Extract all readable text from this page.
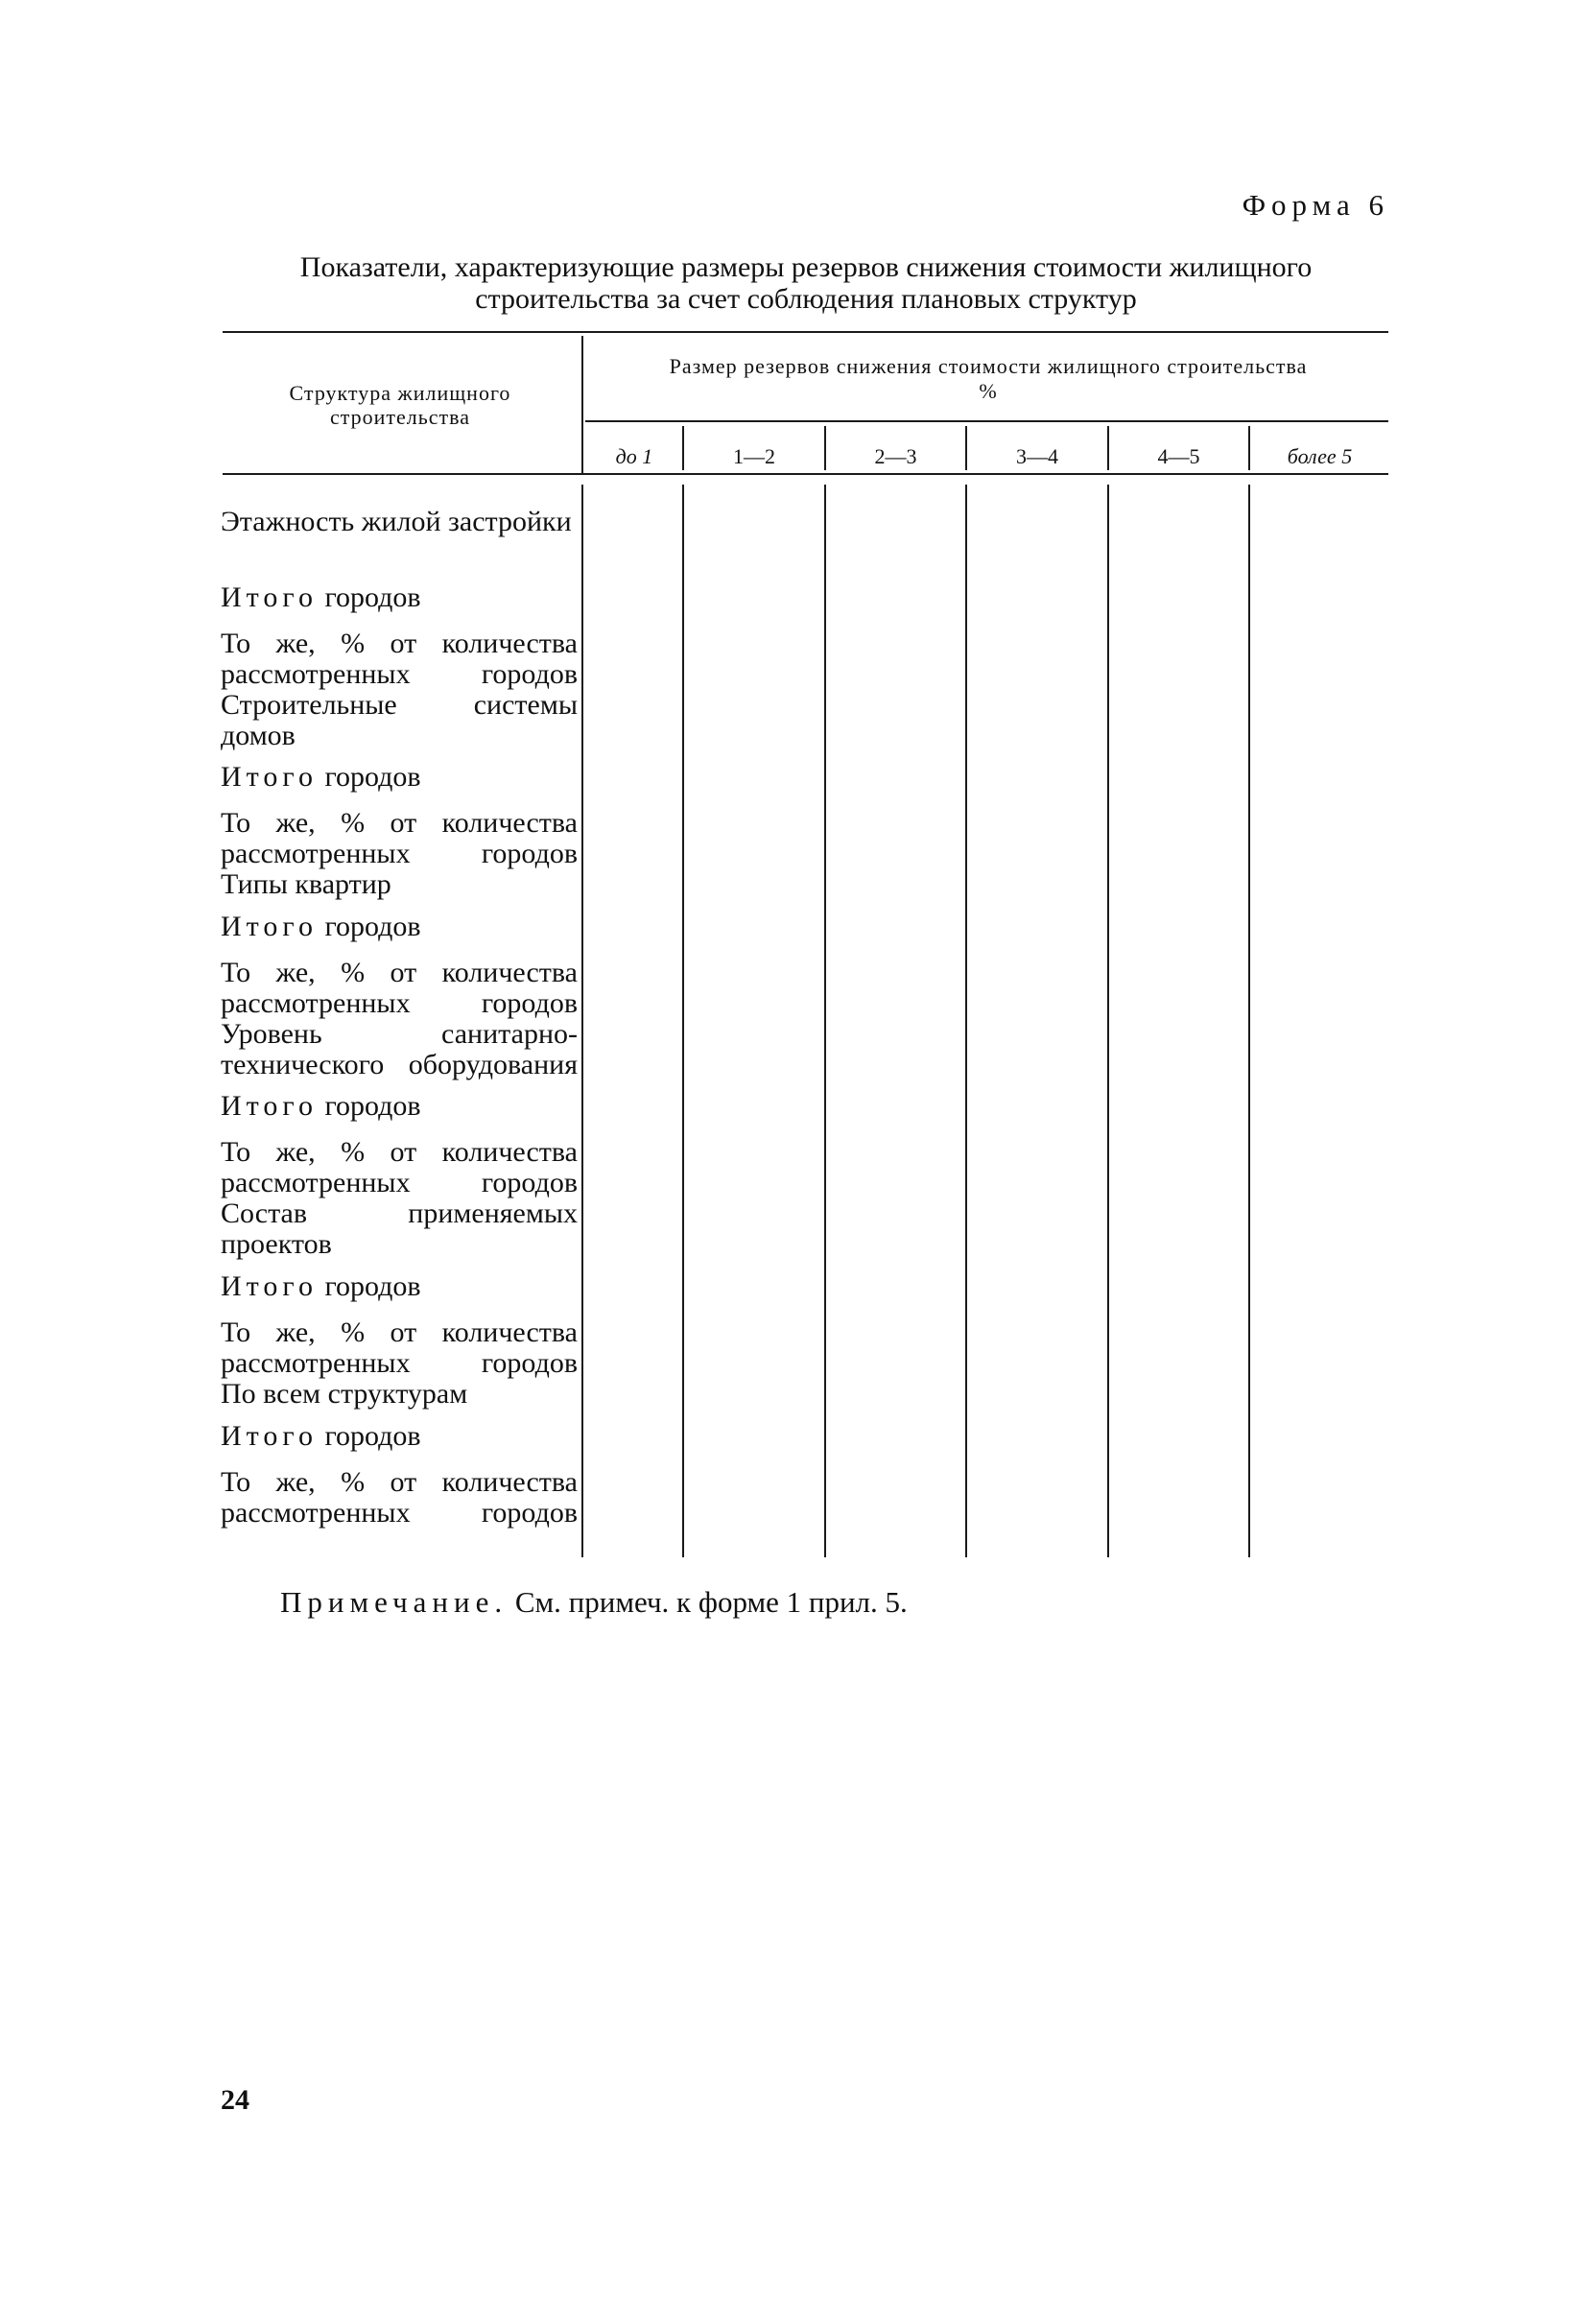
Форма 6
Показатели, характеризующие размеры резервов снижения стоимости жилищного
строительства за счет соблюдения плановых структур
Структура жилищного строительства
Размер резервов снижения стоимости жилищного строительства
%
до 1	1—2	2—3	3—4	4—5	более 5
Этажность жилой застройки
Итого городов
То же, % от количества рассмотренных городов
Строительные системы домов
Итого городов
То же, % от количества рассмотренных городов
Типы квартир
Итого городов
То же, % от количества рассмотренных городов
Уровень санитарно-технического оборудования
Итого городов
То же, % от количества рассмотренных городов
Состав применяемых проектов
Итого городов
То же, % от количества рассмотренных городов
По всем структурам
Итого городов
То же, % от количества рассмотренных городов
Примечание. См. примеч. к форме 1 прил. 5.
24
